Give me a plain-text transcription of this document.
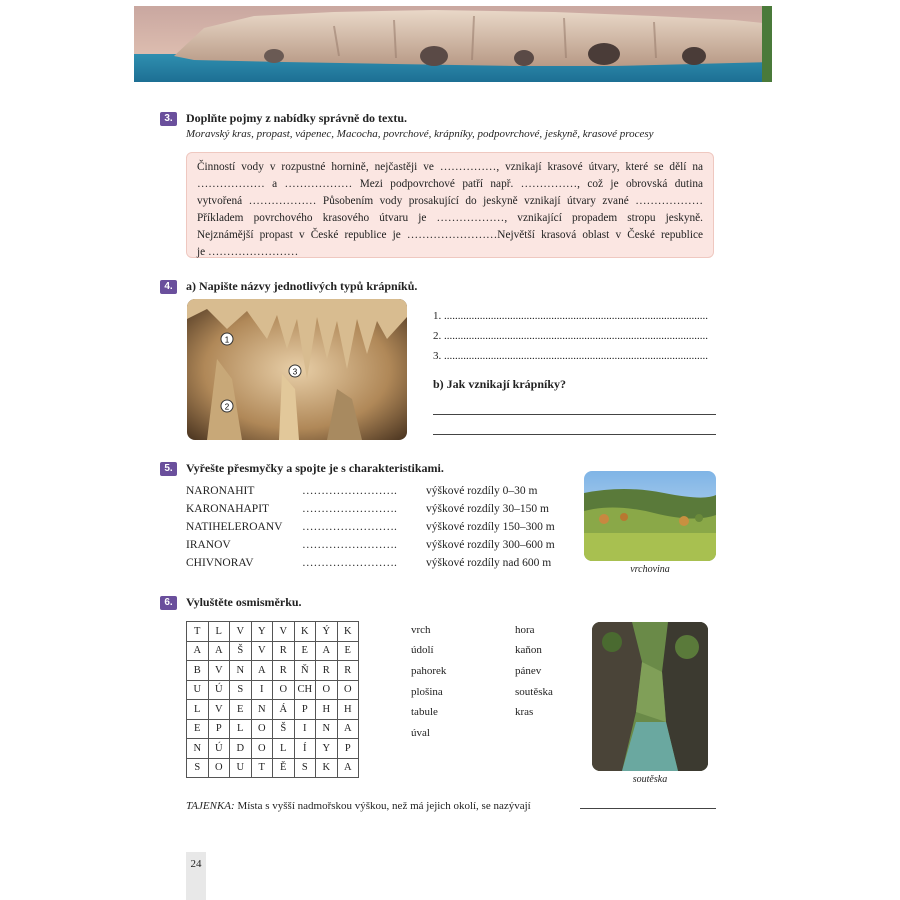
3.	Doplňte pojmy z nabídky správně do textu.
Moravský kras, propast, vápenec, Macocha, povrchové, krápníky, podpovrchové, jeskyně, krasové procesy

Činností vody v rozpustné hornině, nejčastěji ve ……………, vznikají krasové útvary, které se dělí na

……………… a ……………… Mezi podpovrchové patří např. ……………, což je obrovská dutina

vytvořená ……………… Působením vody prosakující do jeskyně vznikají útvary zvané ………………

Příkladem povrchového krasového útvaru je ………………, vznikající propadem stropu jeskyně.

Nejznámější propast v České republice je ……………………Největší krasová oblast v České republice

je ……………………

4.	a) Napište názvy jednotlivých typů krápníků.
1
2
3
1. ................................................................................................
2. ................................................................................................
3. ................................................................................................
b) Jak vznikají krápníky?
5.	Vyřešte přesmyčky a spojte je s charakteristikami.
NARONAHIT	…………………….	výškové rozdíly 0–30 m
KARONAHAPIT	…………………….	výškové rozdíly 30–150 m
NATIHELEROANV …………………….	výškové rozdíly 150–300 m
IRANOV	…………………….	výškové rozdíly 300–600 m
CHIVNORAV	…………………….	výškové rozdíly nad 600 m
vrchovina
6.	Vyluštěte osmisměrku.
T	L	V	Y	V	K	Ý	K
A	A	Š	V	R	E	A	E
B	V	N	A	R	Ň	R	R
U	Ú	S	I	O	CH	O	O
L	V	E	N	Á	P	H	H
E	P	L	O	Š	I	N	A
N	Ú	D	O	L	Í	Y	P
S	O	U	T	Ě	S	K	A
vrch
údolí
pahorek
plošina
tabule
úval
hora
kaňon
pánev
soutěska
kras
soutěska
TAJENKA: Místa s vyšší nadmořskou výškou, než má jejich okolí, se nazývají
24
